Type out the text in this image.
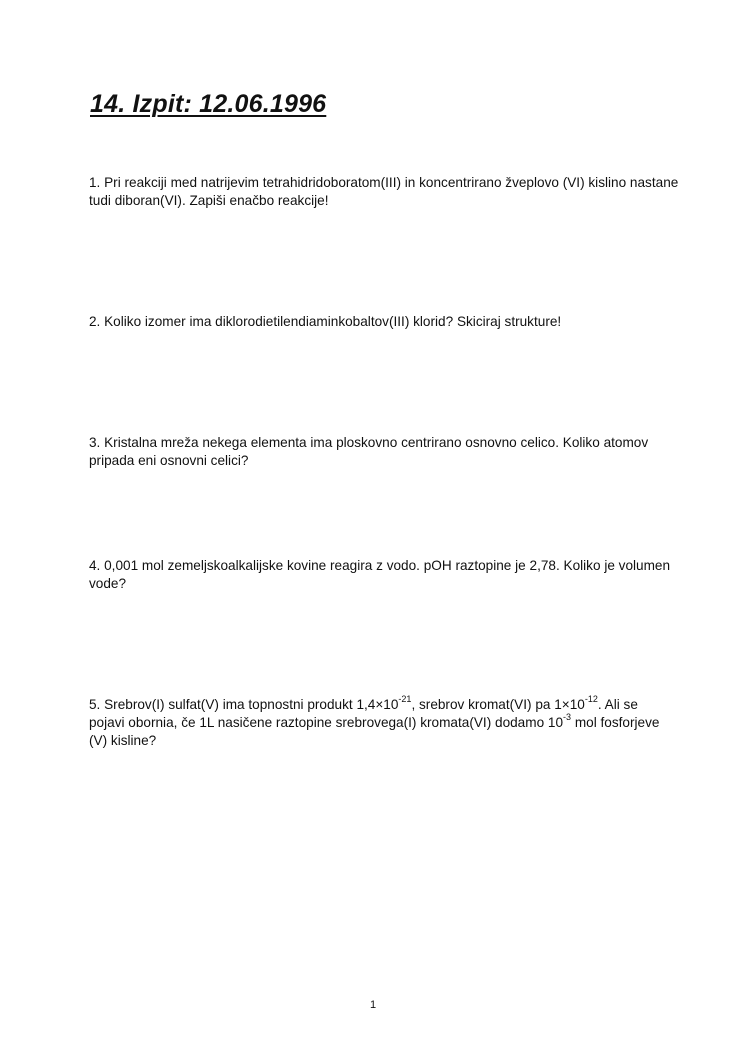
14. Izpit: 12.06.1996
1. Pri reakciji med natrijevim tetrahidridoboratom(III) in koncentrirano žveplovo (VI) kislino nastane tudi diboran(VI). Zapiši enačbo reakcije!
2. Koliko izomer ima diklorodietilendiaminkobaltov(III) klorid? Skiciraj strukture!
3. Kristalna mreža nekega elementa ima ploskovno centrirano osnovno celico. Koliko atomov pripada eni osnovni celici?
4. 0,001 mol zemeljskoalkalijske kovine reagira z vodo. pOH raztopine je 2,78. Koliko je volumen vode?
5. Srebrov(I) sulfat(V) ima topnostni produkt $1,4\times 10^{-21}$, srebrov kromat(VI) pa $1\times 10^{-12}$. Ali se pojavi obornia, če 1L nasičene raztopine srebrovega(I) kromata(VI) dodamo $10^{-3}$ mol fosforjeve (V) kisline?
1
